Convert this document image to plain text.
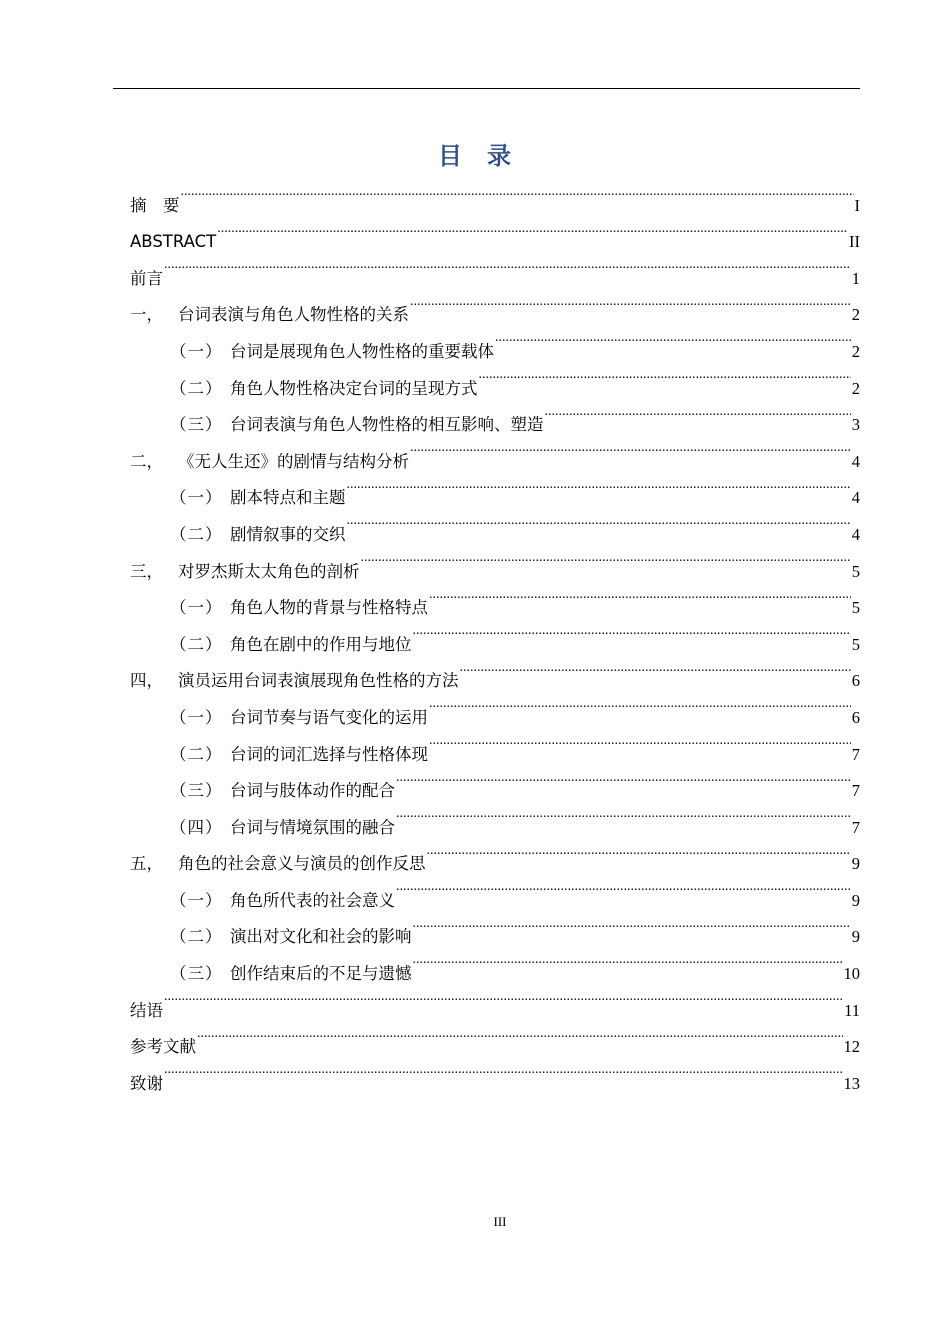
目 录
摘　要 .....	I
ABSTRACT .....	II
前言 .....	1
一， 台词表演与角色人物性格的关系 .....	2
（一） 台词是展现角色人物性格的重要载体 .....	2
（二） 角色人物性格决定台词的呈现方式 .....	2
（三） 台词表演与角色人物性格的相互影响、塑造 .....	3
二， 《无人生还》的剧情与结构分析 .....	4
（一） 剧本特点和主题 .....	4
（二） 剧情叙事的交织 .....	4
三， 对罗杰斯太太角色的剖析 .....	5
（一） 角色人物的背景与性格特点 .....	5
（二） 角色在剧中的作用与地位 .....	5
四， 演员运用台词表演展现角色性格的方法 .....	6
（一） 台词节奏与语气变化的运用 .....	6
（二） 台词的词汇选择与性格体现 .....	7
（三） 台词与肢体动作的配合 .....	7
（四） 台词与情境氛围的融合 .....	7
五， 角色的社会意义与演员的创作反思 .....	9
（一） 角色所代表的社会意义 .....	9
（二） 演出对文化和社会的影响 .....	9
（三） 创作结束后的不足与遗憾 .....	10
结语 .....	11
参考文献 .....	12
致谢 .....	13
III
